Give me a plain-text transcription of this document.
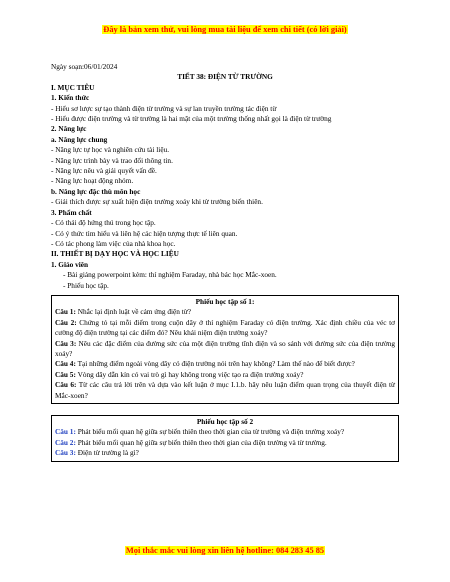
Đây là bản xem thử, vui lòng mua tài liệu để xem chi tiết (có lời giải)

Ngày soạn:06/01/2024

TIẾT 38: ĐIỆN TỪ TRƯỜNG

I. MỤC TIÊU

1. Kiến thức

- Hiểu sơ lược sự tạo thành điện từ trường và sự lan truyền trường tác điện từ

- Hiểu được điện trường và từ trường là hai mặt của một trường thống nhất gọi là điện từ trường

2. Năng lực

a. Năng lực chung

- Năng lực tự học và nghiên cứu tài liệu.

- Năng lực trình bày và trao đổi thông tin.

- Năng lực nêu và giải quyết vấn đề.

- Năng lực hoạt động nhóm.

b. Năng lực đặc thù môn học

- Giải thích được sự xuất hiện điện trường xoáy khi từ trường biến thiên.

3. Phẩm chất

- Có thái độ hứng thú trong học tập.

- Có ý thức tìm hiểu và liên hệ các hiện tượng thực tế liên quan.

- Có tác phong làm việc của nhà khoa học.

II. THIẾT BỊ DẠY HỌC VÀ HỌC LIỆU

1. Giáo viên

- Bài giảng powerpoint kèm: thí nghiệm Faraday, nhà bác học Mắc-xoen.

- Phiếu học tập.

Phiếu học tập số 1:

Câu 1: Nhắc lại định luật về cảm ứng điện từ?

Câu 2: Chứng tỏ tại mỗi điểm trong cuộn dây ở thí nghiệm Faraday có điện trường. Xác định chiều của véc tơ cường độ điện trường tại các điểm đó? Nêu khái niệm điện trường xoáy?

Câu 3: Nêu các đặc điểm của đường sức của một điện trường tĩnh điện và so sánh với đường sức của điện trường xoáy?

Câu 4: Tại những điểm ngoài vòng dây có điện trường nói trên hay không? Làm thế nào để biết được?

Câu 5: Vòng dây dẫn kín có vai trò gì hay không trong việc tạo ra điện trường xoáy?

Câu 6: Từ các câu trả lời trên và dựa vào kết luận ở mục I.1.b. hãy nêu luận điểm quan trọng của thuyết điện từ Mắc-xoen?

Phiếu học tập số 2

Câu 1: Phát biểu mối quan hệ giữa sự biến thiên theo thời gian của từ trường và điện trường xoáy?

Câu 2: Phát biểu mối quan hệ giữa sự biến thiên theo thời gian của điện trường và từ trường.

Câu 3: Điện từ trường là gì?

Mọi thắc mắc vui lòng xin liên hệ hotline: 084 283 45 85
